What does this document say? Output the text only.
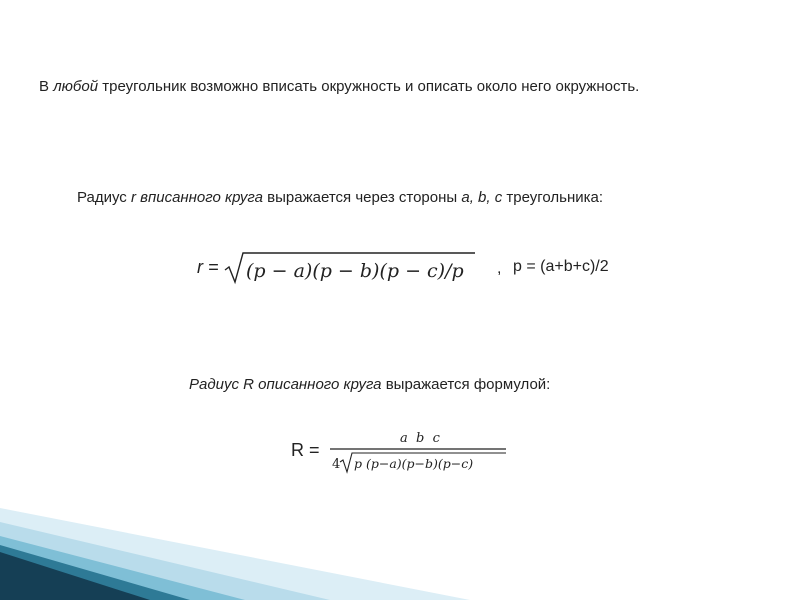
В любой треугольник возможно вписать окружность и описать около него окружность.
Радиус r вписанного круга выражается через стороны a, b, c треугольника:
r = (p − a)(p − b)(p − c)/p , p = (a+b+c)/2
Радиус R описанного круга выражается формулой:
R =
a  b  c
4 p (p−a)(p−b)(p−c)
